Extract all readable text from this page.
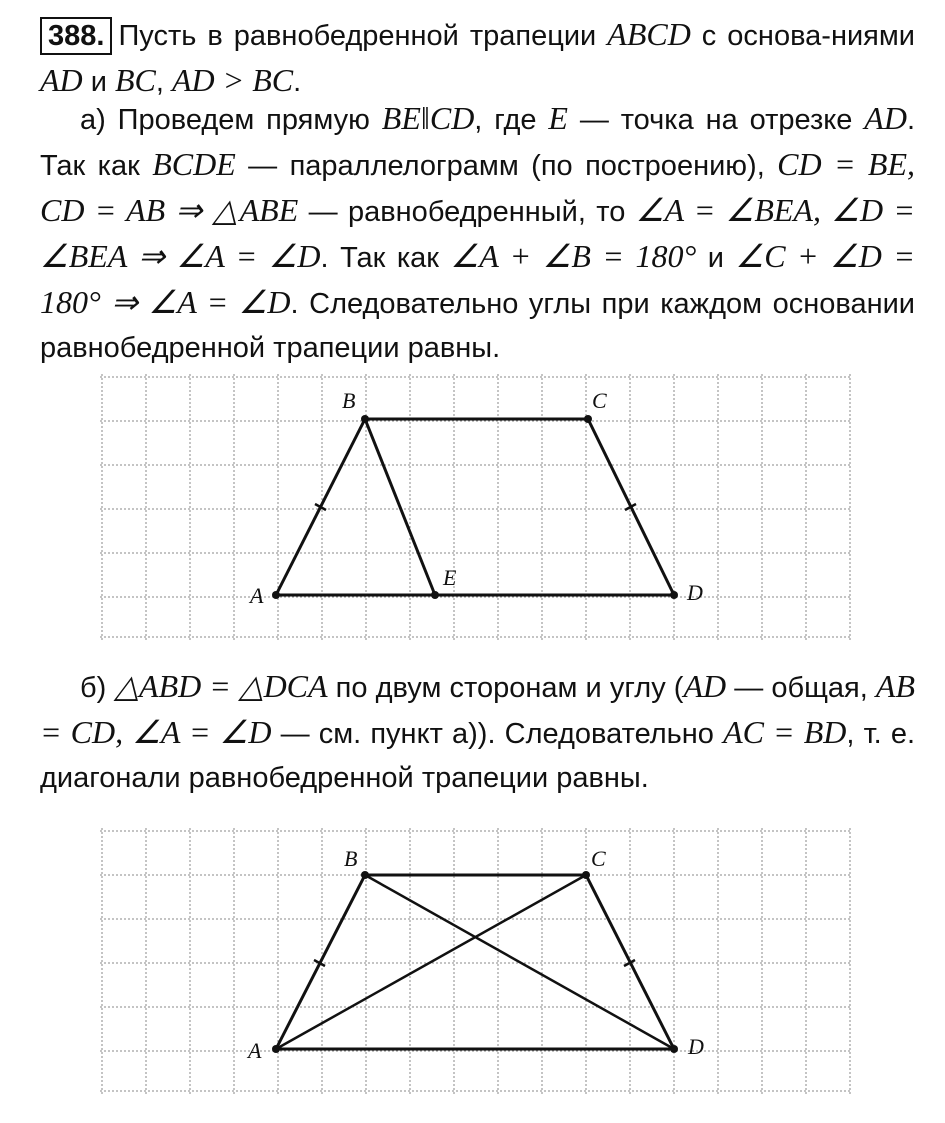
388. Пусть в равнобедренной трапеции ABCD с основа-ниями AD и BC, AD > BC.

а) Проведем прямую BE‖CD, где E — точка на отрезке AD. Так как BCDE — параллелограмм (по построению), CD = BE, CD = AB ⇒ △ABE — равнобедренный, то ∠A = ∠BEA, ∠D = ∠BEA ⇒ ∠A = ∠D. Так как ∠A + ∠B = 180° и ∠C + ∠D = 180° ⇒ ∠A = ∠D. Следовательно углы при каждом основании равнобедренной трапеции равны.

A
B	C
D
E

б) △ABD = △DCA по двум сторонам и углу (AD — общая, AB = CD, ∠A = ∠D — см. пункт а)). Следовательно AC = BD, т. е. диагонали равнобедренной трапеции равны.

A
B	C
D
